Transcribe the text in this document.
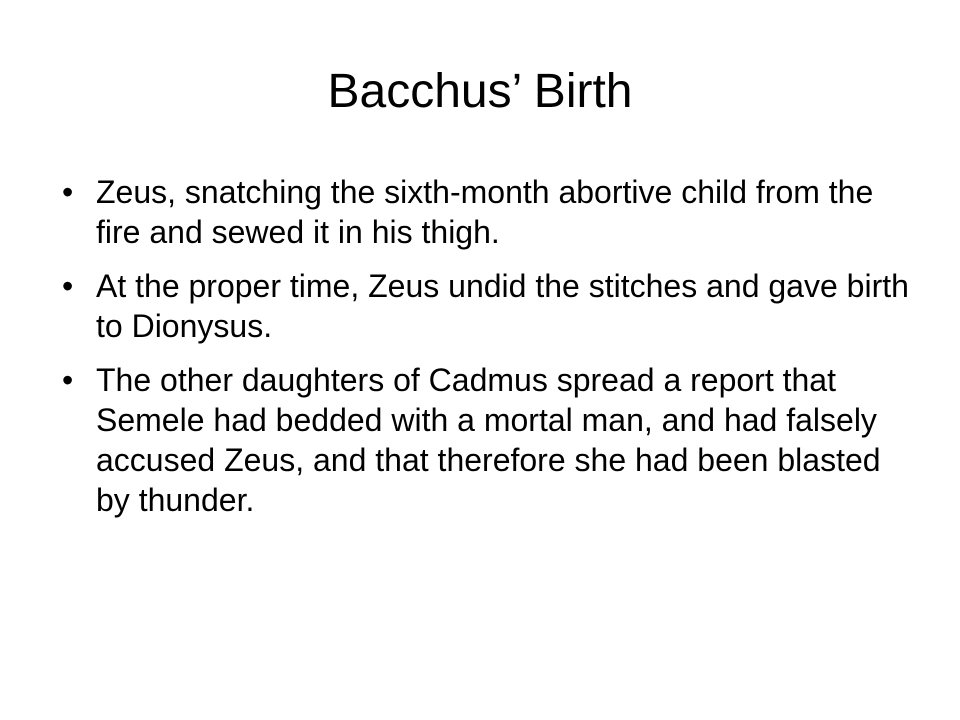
Bacchus’ Birth
• Zeus, snatching the sixth-month abortive child from the fire and sewed it in his thigh.
• At the proper time, Zeus undid the stitches and gave birth to Dionysus.
• The other daughters of Cadmus spread a report that Semele had bedded with a mortal man, and had falsely accused Zeus, and that therefore she had been blasted by thunder.
